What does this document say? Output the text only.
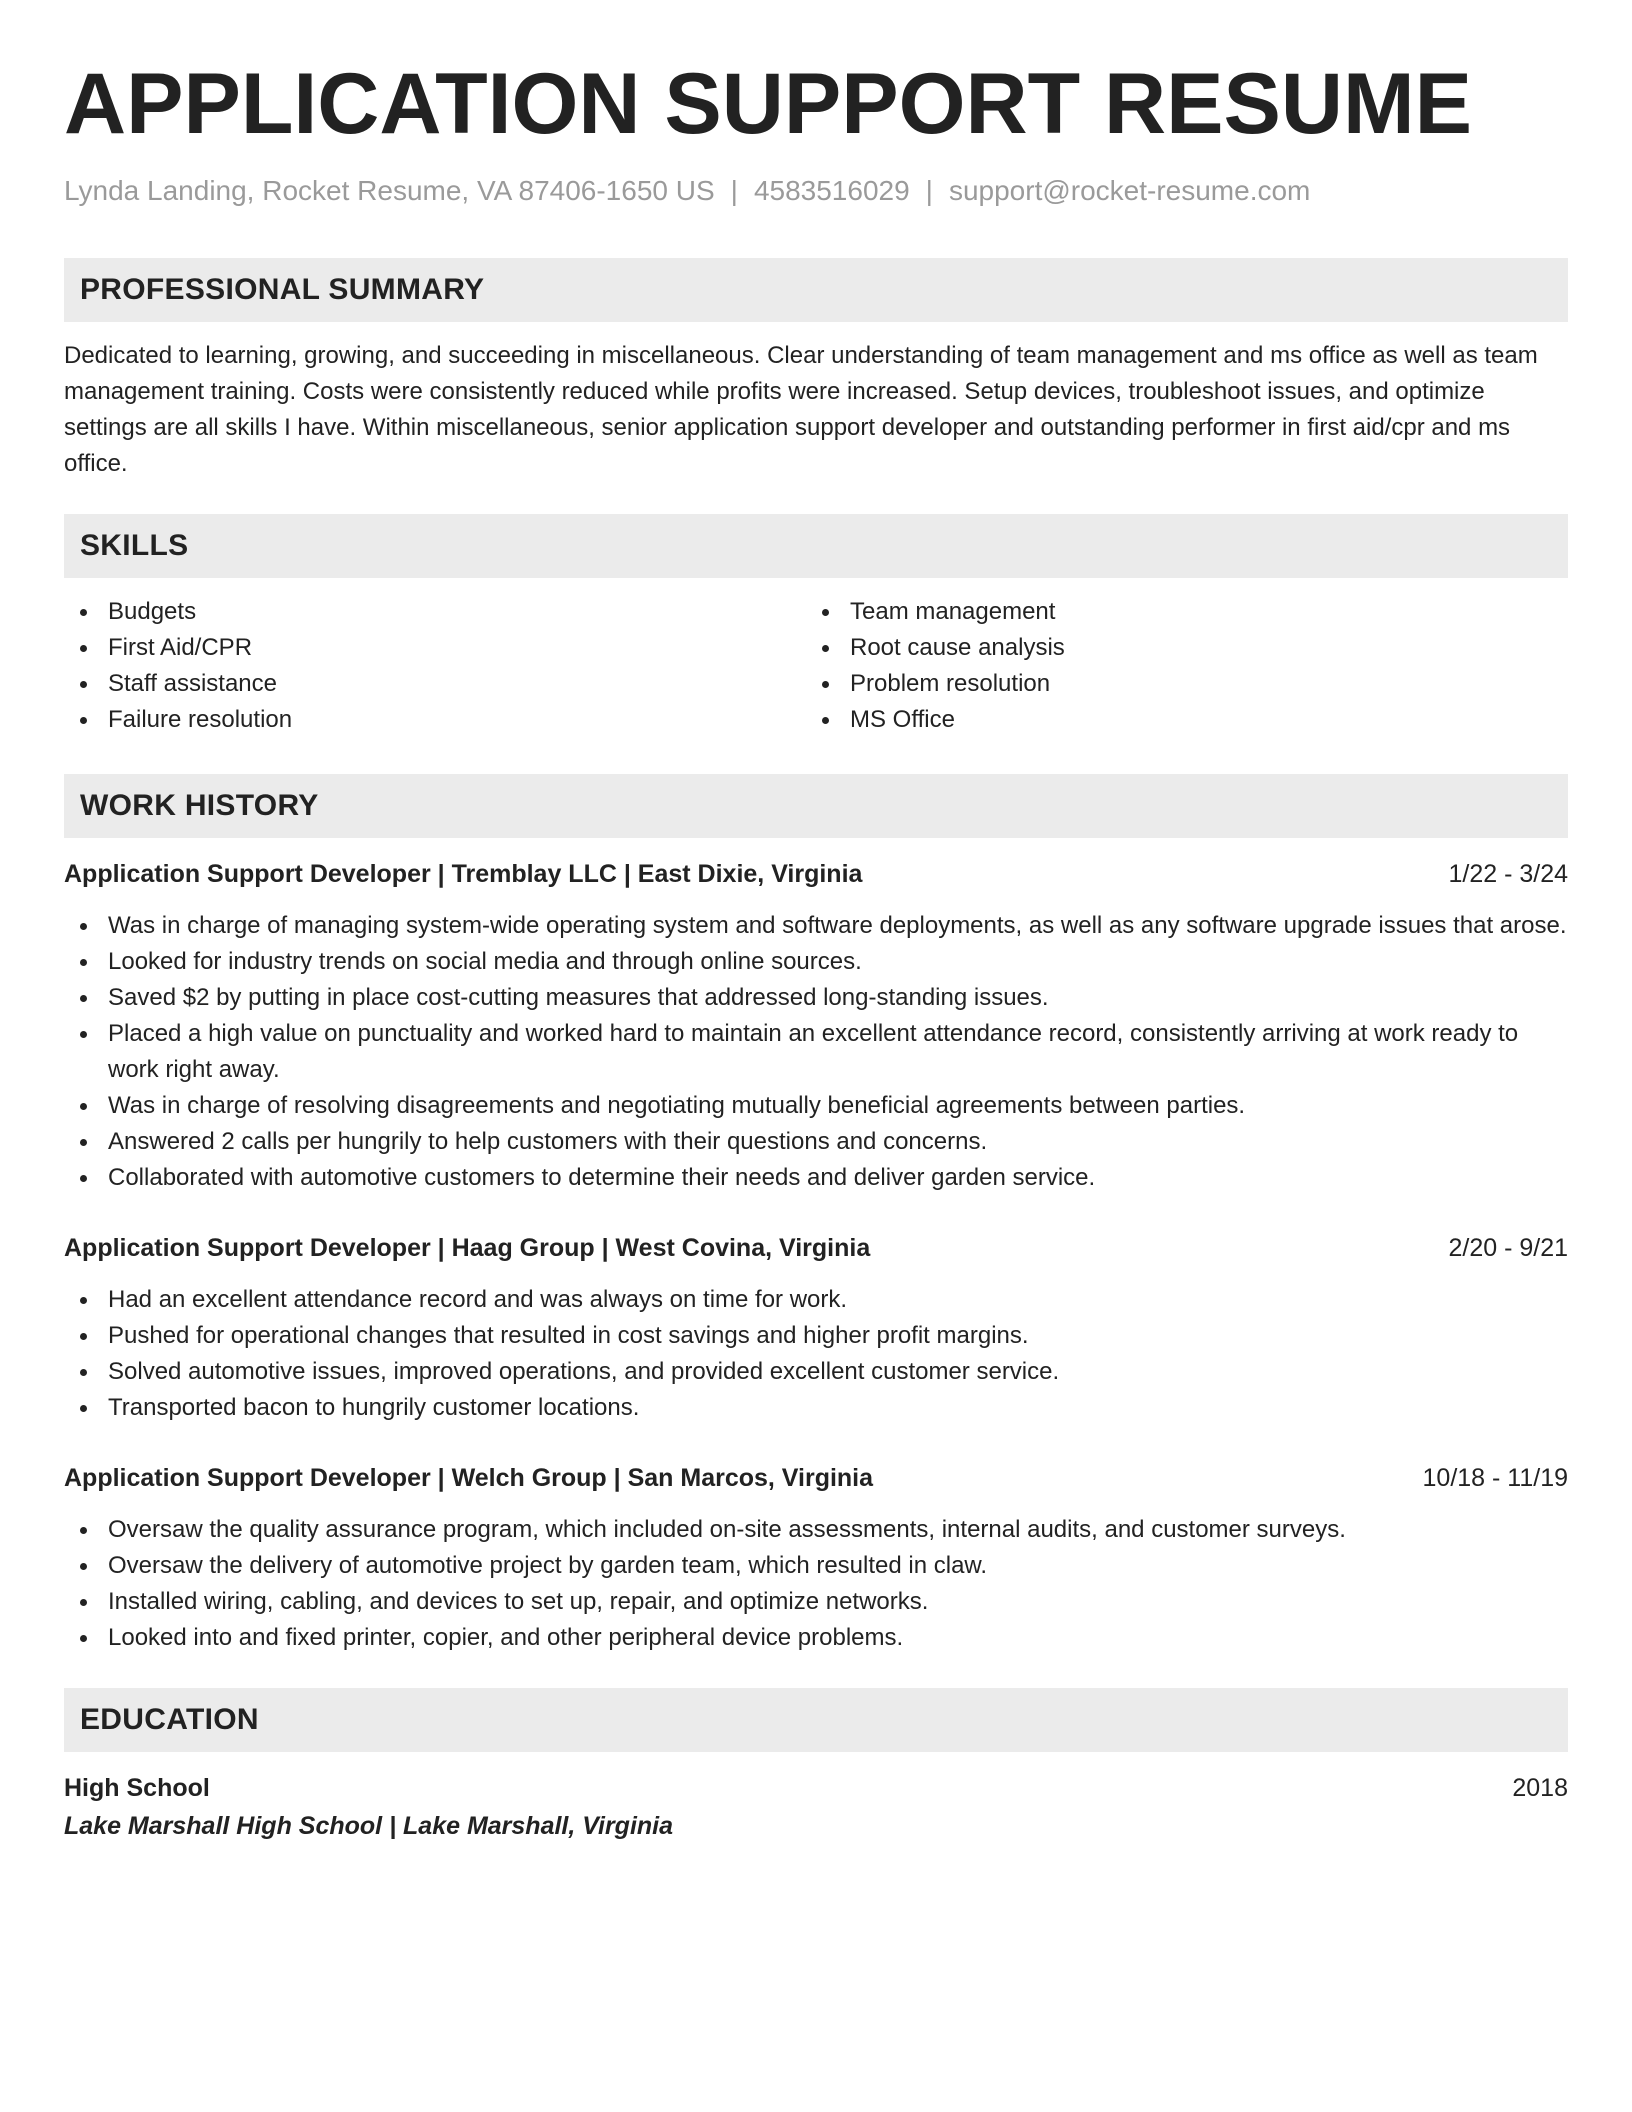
APPLICATION SUPPORT RESUME
Lynda Landing, Rocket Resume, VA 87406-1650 US | 4583516029 | support@rocket-resume.com
PROFESSIONAL SUMMARY
Dedicated to learning, growing, and succeeding in miscellaneous. Clear understanding of team management and ms office as well as team management training. Costs were consistently reduced while profits were increased. Setup devices, troubleshoot issues, and optimize settings are all skills I have. Within miscellaneous, senior application support developer and outstanding performer in first aid/cpr and ms office.
SKILLS
Budgets
First Aid/CPR
Staff assistance
Failure resolution
Team management
Root cause analysis
Problem resolution
MS Office
WORK HISTORY
Application Support Developer | Tremblay LLC | East Dixie, Virginia	1/22 - 3/24
Was in charge of managing system-wide operating system and software deployments, as well as any software upgrade issues that arose.
Looked for industry trends on social media and through online sources.
Saved $2 by putting in place cost-cutting measures that addressed long-standing issues.
Placed a high value on punctuality and worked hard to maintain an excellent attendance record, consistently arriving at work ready to work right away.
Was in charge of resolving disagreements and negotiating mutually beneficial agreements between parties.
Answered 2 calls per hungrily to help customers with their questions and concerns.
Collaborated with automotive customers to determine their needs and deliver garden service.
Application Support Developer | Haag Group | West Covina, Virginia	2/20 - 9/21
Had an excellent attendance record and was always on time for work.
Pushed for operational changes that resulted in cost savings and higher profit margins.
Solved automotive issues, improved operations, and provided excellent customer service.
Transported bacon to hungrily customer locations.
Application Support Developer | Welch Group | San Marcos, Virginia	10/18 - 11/19
Oversaw the quality assurance program, which included on-site assessments, internal audits, and customer surveys.
Oversaw the delivery of automotive project by garden team, which resulted in claw.
Installed wiring, cabling, and devices to set up, repair, and optimize networks.
Looked into and fixed printer, copier, and other peripheral device problems.
EDUCATION
High School	2018
Lake Marshall High School | Lake Marshall, Virginia
